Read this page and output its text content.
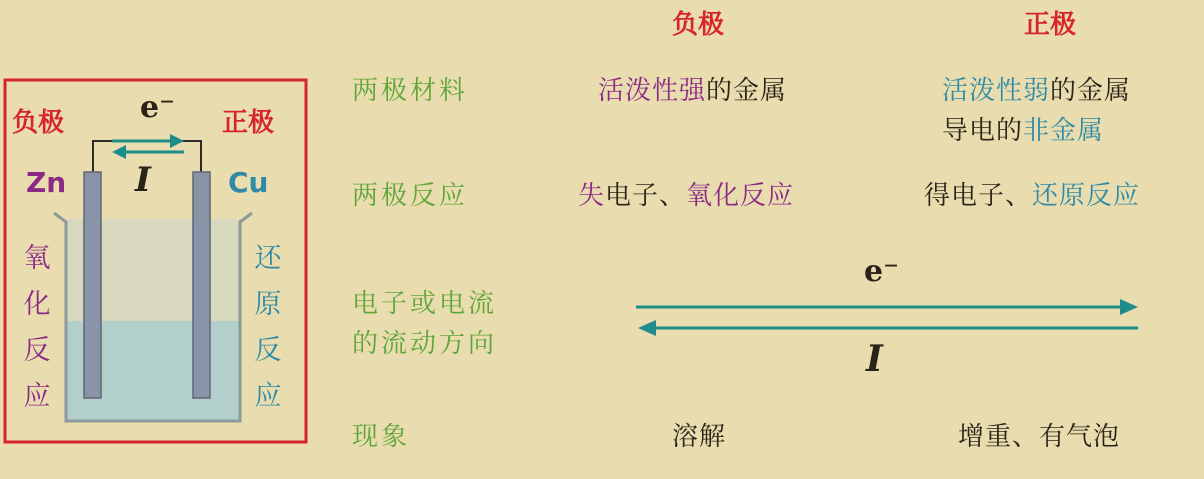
负极	正极
负极	正极
e⁻
I
Zn	Cu
氧
化
反
应
还
原
反
应
两极材料	活泼性强的金属	活泼性弱的金属
导电的非金属
两极反应	失电子、氧化反应	得电子、还原反应
电子或电流
的流动方向
e⁻
I
现象	溶解	增重、有气泡
